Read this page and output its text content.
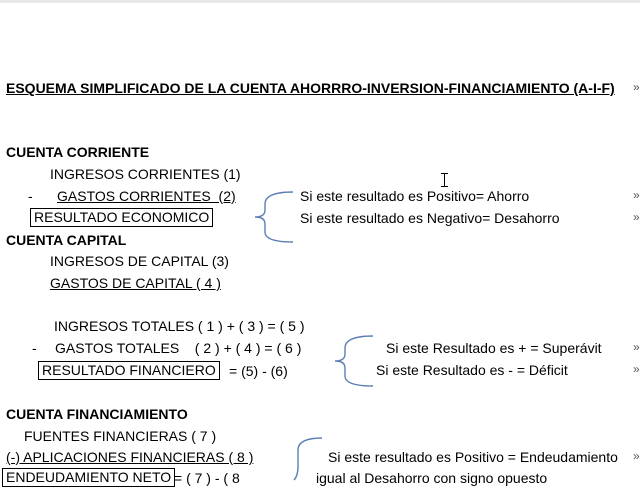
ESQUEMA SIMPLIFICADO DE LA CUENTA AHORRRO-INVERSION-FINANCIAMIENTO (A-I-F) »
CUENTA CORRIENTE
INGRESOS CORRIENTES (1)
- GASTOS CORRIENTES  (2)
RESULTADO ECONOMICO
Si este resultado es Positivo= Ahorro
Si este resultado es Negativo= Desahorro
»
»
CUENTA CAPITAL
INGRESOS DE CAPITAL (3)
GASTOS DE CAPITAL ( 4 )
INGRESOS TOTALES ( 1 ) + ( 3 ) = ( 5 )
- GASTOS TOTALES    ( 2 ) + ( 4 ) = ( 6 )
RESULTADO FINANCIERO = (5) - (6)
Si este Resultado es + = Superávit
Si este Resultado es - = Déficit
»
»
CUENTA FINANCIAMIENTO
FUENTES FINANCIERAS ( 7 )
(-) APLICACIONES FINANCIERAS ( 8 )
ENDEUDAMIENTO NETO = ( 7 ) - ( 8
Si este resultado es Positivo = Endeudamiento
igual al Desahorro con signo opuesto
»
